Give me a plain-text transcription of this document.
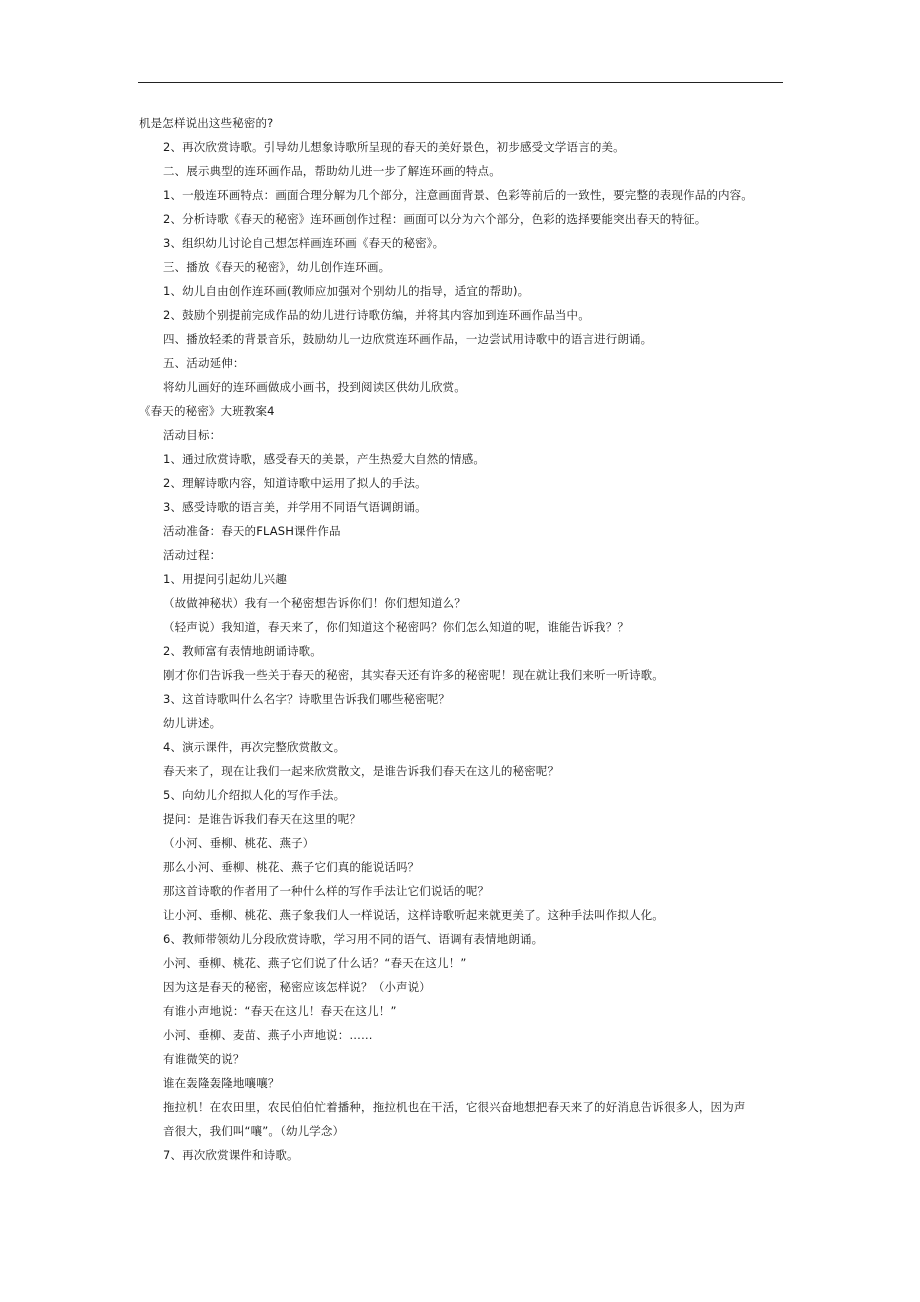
机是怎样说出这些秘密的?
2、再次欣赏诗歌。引导幼儿想象诗歌所呈现的春天的美好景色，初步感受文学语言的美。
二、展示典型的连环画作品，帮助幼儿进一步了解连环画的特点。
1、一般连环画特点：画面合理分解为几个部分，注意画面背景、色彩等前后的一致性，要完整的表现作品的内容。
2、分析诗歌《春天的秘密》连环画创作过程：画面可以分为六个部分，色彩的选择要能突出春天的特征。
3、组织幼儿讨论自己想怎样画连环画《春天的秘密》。
三、播放《春天的秘密》，幼儿创作连环画。
1、幼儿自由创作连环画(教师应加强对个别幼儿的指导，适宜的帮助)。
2、鼓励个别提前完成作品的幼儿进行诗歌仿编，并将其内容加到连环画作品当中。
四、播放轻柔的背景音乐，鼓励幼儿一边欣赏连环画作品，一边尝试用诗歌中的语言进行朗诵。
五、活动延伸：
将幼儿画好的连环画做成小画书，投到阅读区供幼儿欣赏。
《春天的秘密》大班教案4
活动目标：
1、通过欣赏诗歌，感受春天的美景，产生热爱大自然的情感。
2、理解诗歌内容，知道诗歌中运用了拟人的手法。
3、感受诗歌的语言美，并学用不同语气语调朗诵。
活动准备：春天的FLASH课件作品
活动过程：
1、用提问引起幼儿兴趣
（故做神秘状）我有一个秘密想告诉你们！你们想知道么？
（轻声说）我知道，春天来了，你们知道这个秘密吗？你们怎么知道的呢，谁能告诉我？？
2、教师富有表情地朗诵诗歌。
刚才你们告诉我一些关于春天的秘密，其实春天还有许多的秘密呢！现在就让我们来听一听诗歌。
3、这首诗歌叫什么名字？诗歌里告诉我们哪些秘密呢？
幼儿讲述。
4、演示课件，再次完整欣赏散文。
春天来了，现在让我们一起来欣赏散文，是谁告诉我们春天在这儿的秘密呢？
5、向幼儿介绍拟人化的写作手法。
提问：是谁告诉我们春天在这里的呢？
（小河、垂柳、桃花、燕子）
那么小河、垂柳、桃花、燕子它们真的能说话吗？
那这首诗歌的作者用了一种什么样的写作手法让它们说话的呢？
让小河、垂柳、桃花、燕子象我们人一样说话，这样诗歌听起来就更美了。这种手法叫作拟人化。
6、教师带领幼儿分段欣赏诗歌，学习用不同的语气、语调有表情地朗诵。
小河、垂柳、桃花、燕子它们说了什么话？“春天在这儿！”
因为这是春天的秘密，秘密应该怎样说？（小声说）
有谁小声地说：“春天在这儿！春天在这儿！”
小河、垂柳、麦苗、燕子小声地说：……
有谁微笑的说？
谁在轰隆轰隆地嚷嚷？
拖拉机！在农田里，农民伯伯忙着播种，拖拉机也在干活，它很兴奋地想把春天来了的好消息告诉很多人，因为声
音很大，我们叫“嚷”。（幼儿学念）
7、再次欣赏课件和诗歌。
